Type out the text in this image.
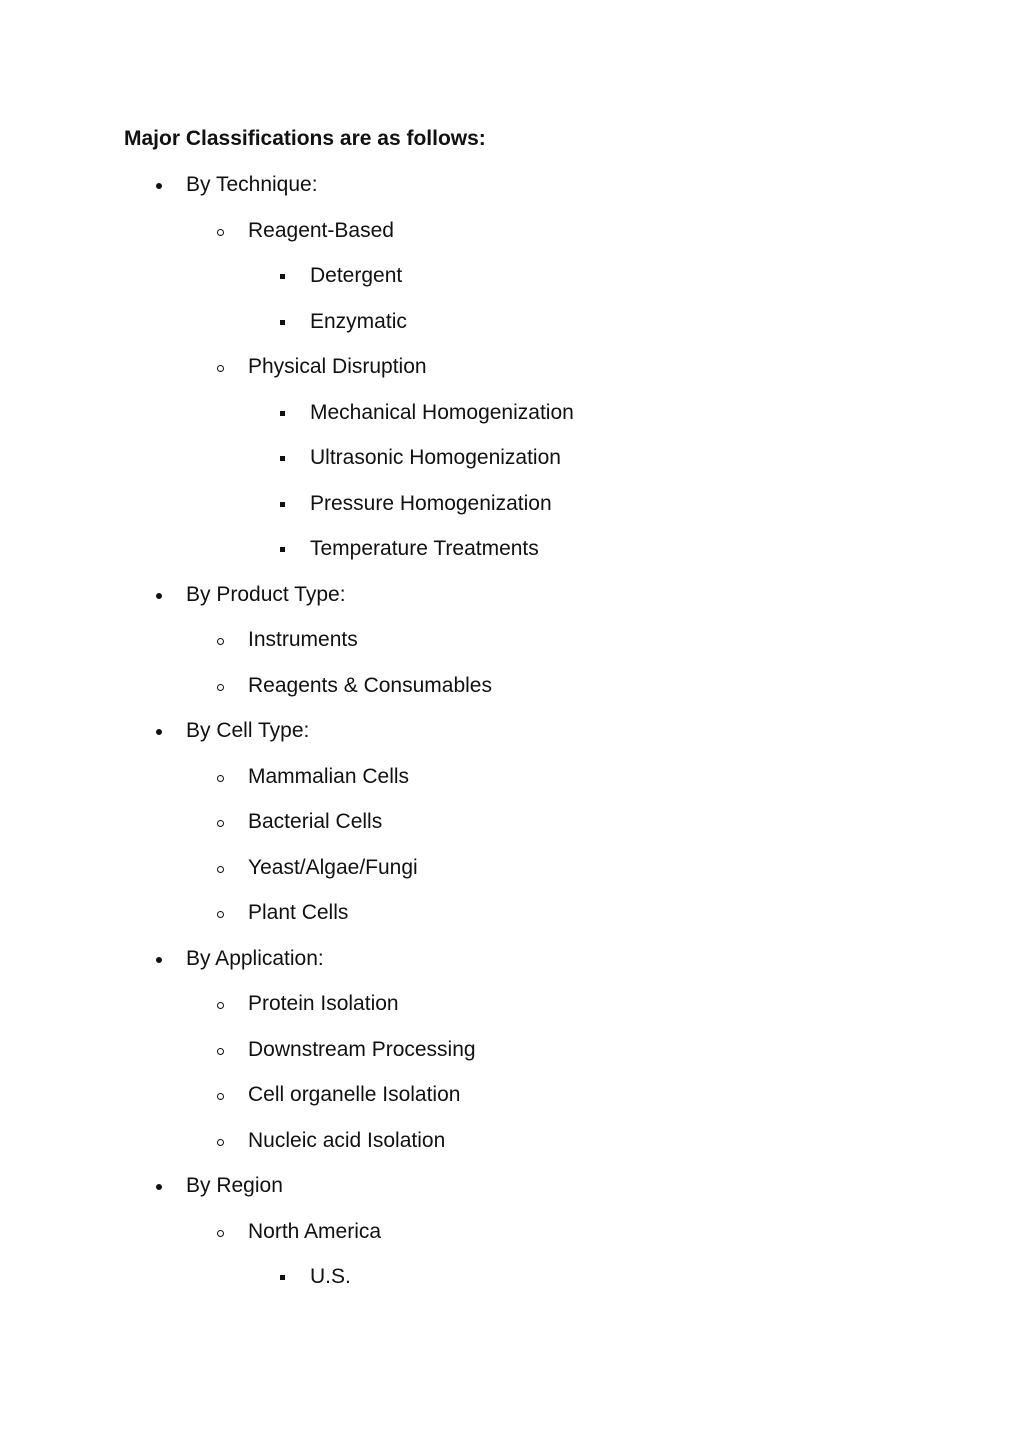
Major Classifications are as follows:
By Technique:
Reagent-Based
Detergent
Enzymatic
Physical Disruption
Mechanical Homogenization
Ultrasonic Homogenization
Pressure Homogenization
Temperature Treatments
By Product Type:
Instruments
Reagents & Consumables
By Cell Type:
Mammalian Cells
Bacterial Cells
Yeast/Algae/Fungi
Plant Cells
By Application:
Protein Isolation
Downstream Processing
Cell organelle Isolation
Nucleic acid Isolation
By Region
North America
U.S.
